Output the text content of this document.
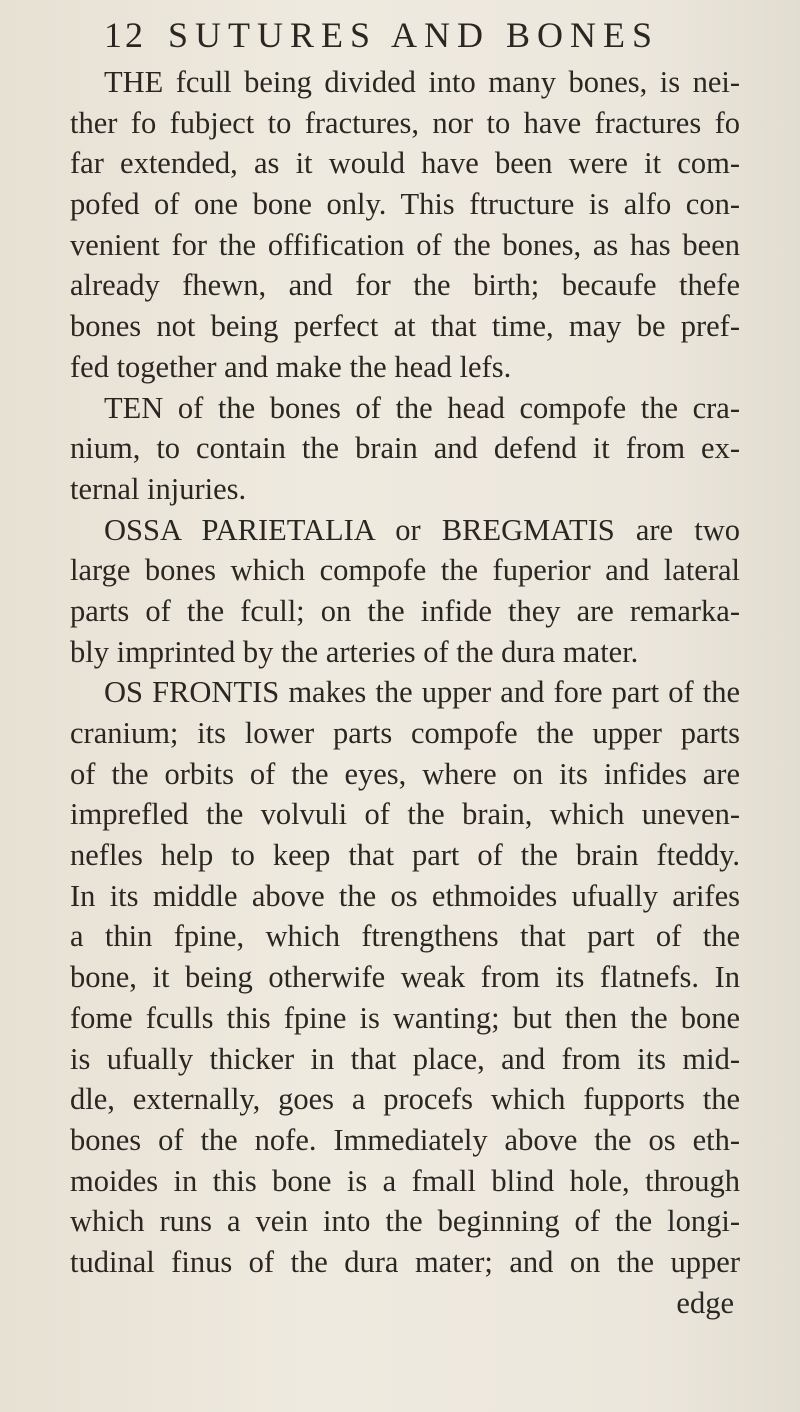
12 SUTURES AND BONES
THE fcull being divided into many bones, is nei-
ther fo fubject to fractures, nor to have fractures fo
far extended, as it would have been were it com-
pofed of one bone only. This ftructure is alfo con-
venient for the offification of the bones, as has been
already fhewn, and for the birth; becaufe thefe
bones not being perfect at that time, may be pref-
fed together and make the head lefs.
TEN of the bones of the head compofe the cra-
nium, to contain the brain and defend it from ex-
ternal injuries.
OSSA PARIETALIA or BREGMATIS are two
large bones which compofe the fuperior and lateral
parts of the fcull; on the infide they are remarka-
bly imprinted by the arteries of the dura mater.
OS FRONTIS makes the upper and fore part of the
cranium; its lower parts compofe the upper parts
of the orbits of the eyes, where on its infides are
imprefled the volvuli of the brain, which uneven-
nefles help to keep that part of the brain fteddy.
In its middle above the os ethmoides ufually arifes
a thin fpine, which ftrengthens that part of the
bone, it being otherwife weak from its flatnefs. In
fome fculls this fpine is wanting; but then the bone
is ufually thicker in that place, and from its mid-
dle, externally, goes a procefs which fupports the
bones of the nofe. Immediately above the os eth-
moides in this bone is a fmall blind hole, through
which runs a vein into the beginning of the longi-
tudinal finus of the dura mater; and on the upper
edge
